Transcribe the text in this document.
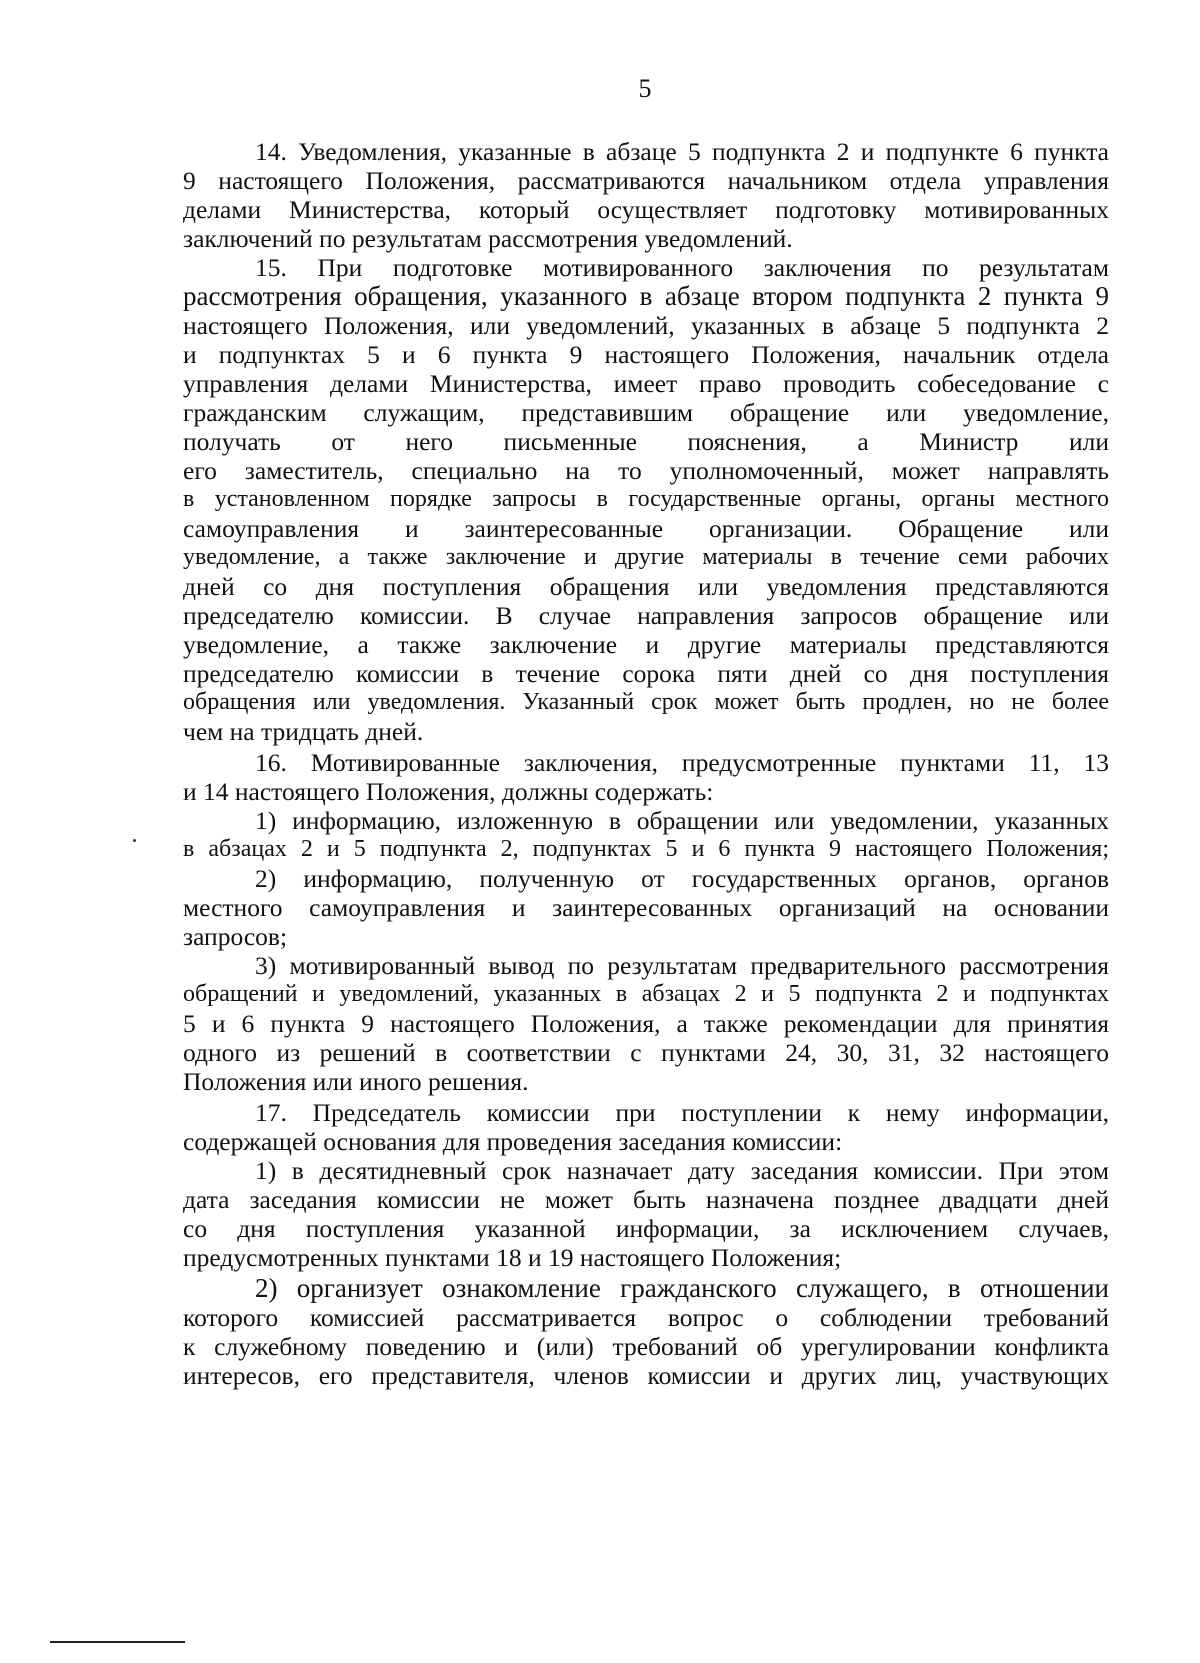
5
14. Уведомления, указанные в абзаце 5 подпункта 2 и подпункте 6 пункта
9 настоящего Положения, рассматриваются начальником отдела управления
делами Министерства, который осуществляет подготовку мотивированных
заключений по результатам рассмотрения уведомлений.
15. При подготовке мотивированного заключения по результатам
рассмотрения обращения, указанного в абзаце втором подпункта 2 пункта 9
настоящего Положения, или уведомлений, указанных в абзаце 5 подпункта 2
и подпунктах 5 и 6 пункта 9 настоящего Положения, начальник отдела
управления делами Министерства, имеет право проводить собеседование с
гражданским служащим, представившим обращение или уведомление,
получать от него письменные пояснения, а Министр или
его заместитель, специально на то уполномоченный, может направлять
в установленном порядке запросы в государственные органы, органы местного
самоуправления и заинтересованные организации. Обращение или
уведомление, а также заключение и другие материалы в течение семи рабочих
дней со дня поступления обращения или уведомления представляются
председателю комиссии. В случае направления запросов обращение или
уведомление, а также заключение и другие материалы представляются
председателю комиссии в течение сорока пяти дней со дня поступления
обращения или уведомления. Указанный срок может быть продлен, но не более
чем на тридцать дней.
16. Мотивированные заключения, предусмотренные пунктами 11, 13
и 14 настоящего Положения, должны содержать:
1) информацию, изложенную в обращении или уведомлении, указанных
в абзацах 2 и 5 подпункта 2, подпунктах 5 и 6 пункта 9 настоящего Положения;
2) информацию, полученную от государственных органов, органов
местного самоуправления и заинтересованных организаций на основании
запросов;
3) мотивированный вывод по результатам предварительного рассмотрения
обращений и уведомлений, указанных в абзацах 2 и 5 подпункта 2 и подпунктах
5 и 6 пункта 9 настоящего Положения, а также рекомендации для принятия
одного из решений в соответствии с пунктами 24, 30, 31, 32 настоящего
Положения или иного решения.
17. Председатель комиссии при поступлении к нему информации,
содержащей основания для проведения заседания комиссии:
1) в десятидневный срок назначает дату заседания комиссии. При этом
дата заседания комиссии не может быть назначена позднее двадцати дней
со дня поступления указанной информации, за исключением случаев,
предусмотренных пунктами 18 и 19 настоящего Положения;
2) организует ознакомление гражданского служащего, в отношении
которого комиссией рассматривается вопрос о соблюдении требований
к служебному поведению и (или) требований об урегулировании конфликта
интересов, его представителя, членов комиссии и других лиц, участвующих
